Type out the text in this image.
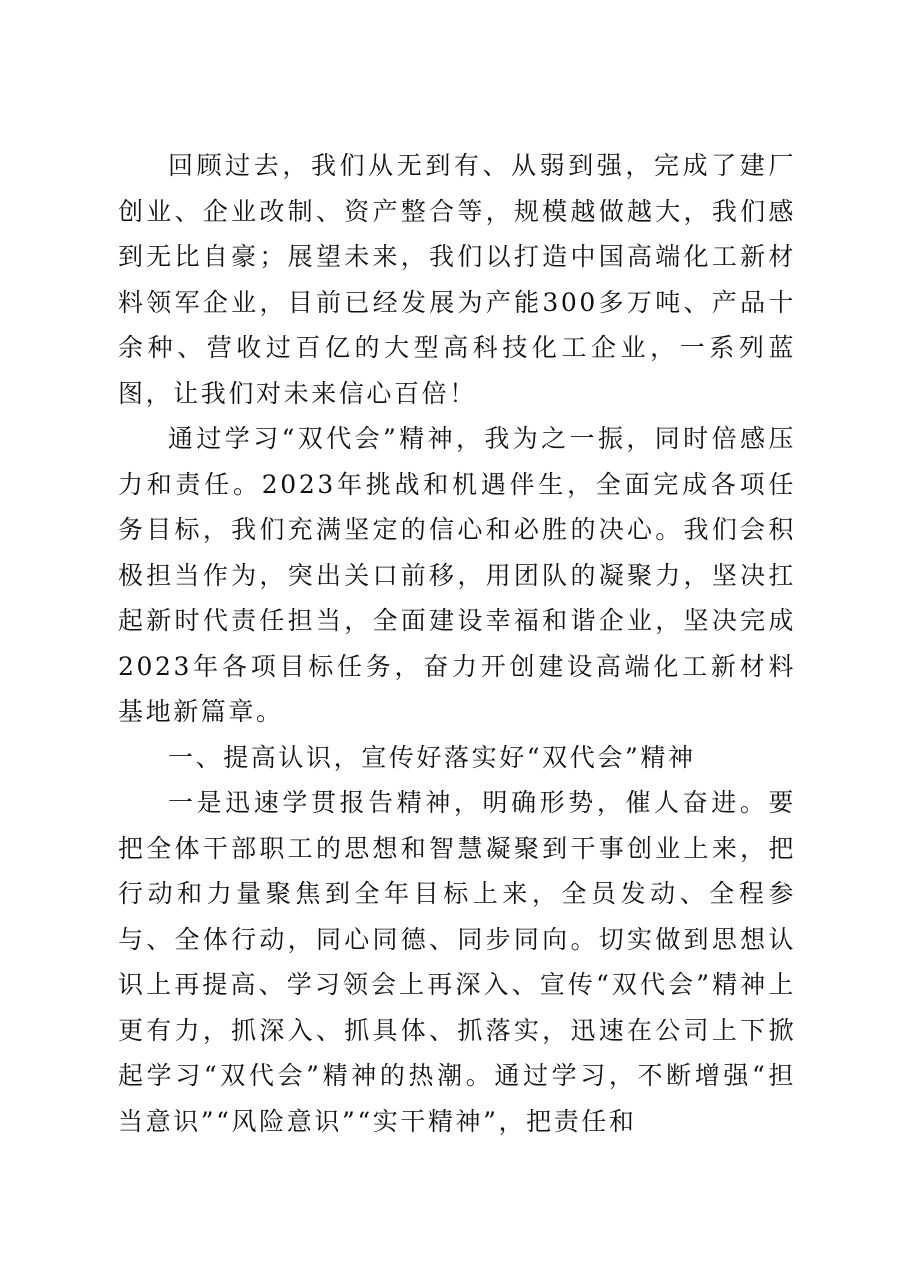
回顾过去，我们从无到有、从弱到强，完成了建厂创业、企业改制、资产整合等，规模越做越大，我们感到无比自豪；展望未来，我们以打造中国高端化工新材料领军企业，目前已经发展为产能300多万吨、产品十余种、营收过百亿的大型高科技化工企业，一系列蓝图，让我们对未来信心百倍！

通过学习“双代会”精神，我为之一振，同时倍感压力和责任。2023年挑战和机遇伴生，全面完成各项任务目标，我们充满坚定的信心和必胜的决心。我们会积极担当作为，突出关口前移，用团队的凝聚力，坚决扛起新时代责任担当，全面建设幸福和谐企业，坚决完成2023年各项目标任务，奋力开创建设高端化工新材料基地新篇章。

一、提高认识，宣传好落实好“双代会”精神

一是迅速学贯报告精神，明确形势，催人奋进。要把全体干部职工的思想和智慧凝聚到干事创业上来，把行动和力量聚焦到全年目标上来，全员发动、全程参与、全体行动，同心同德、同步同向。切实做到思想认识上再提高、学习领会上再深入、宣传“双代会”精神上更有力，抓深入、抓具体、抓落实，迅速在公司上下掀起学习“双代会”精神的热潮。通过学习，不断增强“担当意识”“风险意识”“实干精神”，把责任和
